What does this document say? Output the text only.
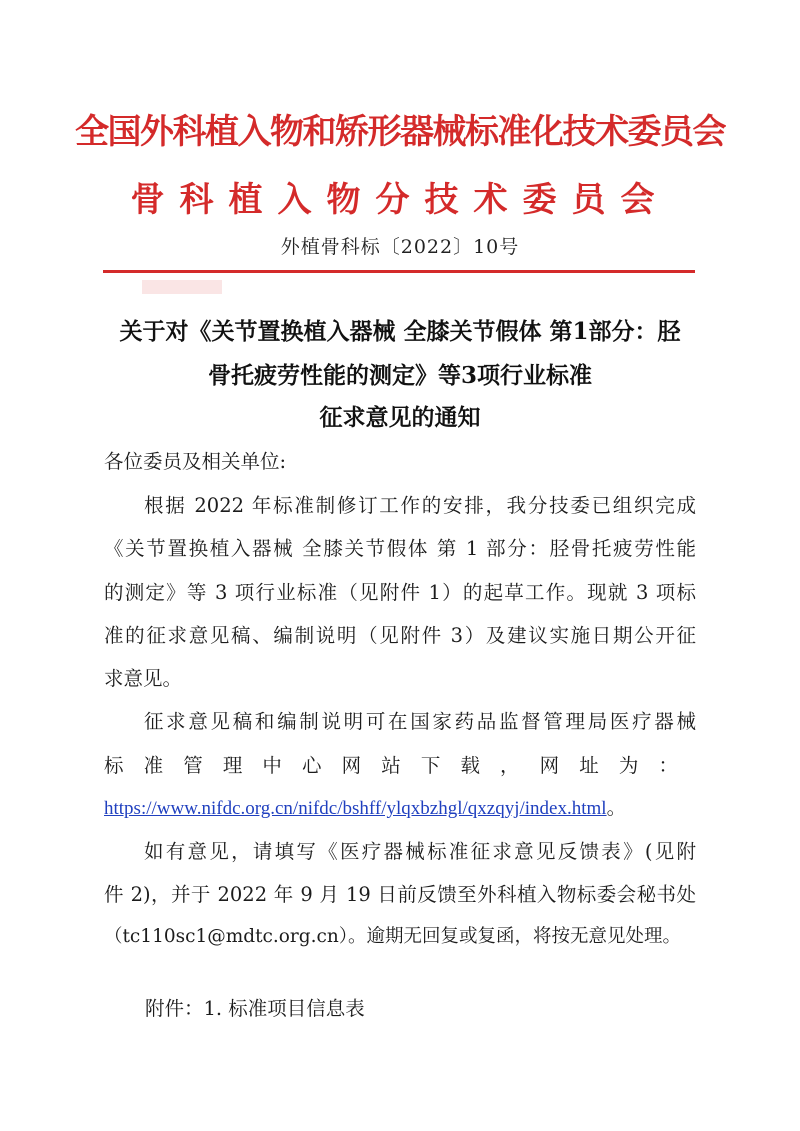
全国外科植入物和矫形器械标准化技术委员会
骨科植入物分技术委员会
外植骨科标〔2022〕10号
关于对《关节置换植入器械 全膝关节假体 第1部分：胫
骨托疲劳性能的测定》等3项行业标准
征求意见的通知
各位委员及相关单位:
根据 2022 年标准制修订工作的安排，我分技委已组织完成
《关节置换植入器械 全膝关节假体 第 1 部分：胫骨托疲劳性能
的测定》等 3 项行业标准（见附件 1）的起草工作。现就 3 项标
准的征求意见稿、编制说明（见附件 3）及建议实施日期公开征
求意见。
征求意见稿和编制说明可在国家药品监督管理局医疗器械
标准管理中心网站下载，网址为：
https://www.nifdc.org.cn/nifdc/bshff/ylqxbzhgl/qxzqyj/index.html。
如有意见，请填写《医疗器械标准征求意见反馈表》(见附
件 2)，并于 2022 年 9 月 19 日前反馈至外科植入物标委会秘书处
（tc110sc1@mdtc.org.cn）。逾期无回复或复函，将按无意见处理。
附件：1. 标准项目信息表
